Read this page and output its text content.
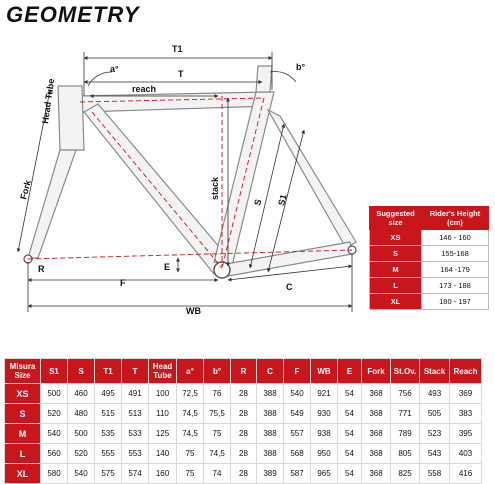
GEOMETRY
T1
T
a°	b°
reach
Head Tube
Fork	stack
S S1
R	E
F	C
WB
Suggested size	Rider's Height (cm)
XS	146 - 160
S	155-168
M	164 -179
L	173 - 188
XL	180 - 197
Misura Size	S1	S	T1	T	Head Tube	a°	b°	R	C	F	WB	E	Fork	St.Ov.	Stack	Reach
XS	500	460	495	491	100	72,5	76	28	388	540	921	54	368	756	493	369
S	520	480	515	513	110	74,5	75,5	28	388	549	930	54	368	771	505	383
M	540	500	535	533	125	74,5	75	28	388	557	938	54	368	789	523	395
L	560	520	555	553	140	75	74,5	28	388	568	950	54	368	805	543	403
XL	580	540	575	574	160	75	74	28	389	587	965	54	368	825	558	416
